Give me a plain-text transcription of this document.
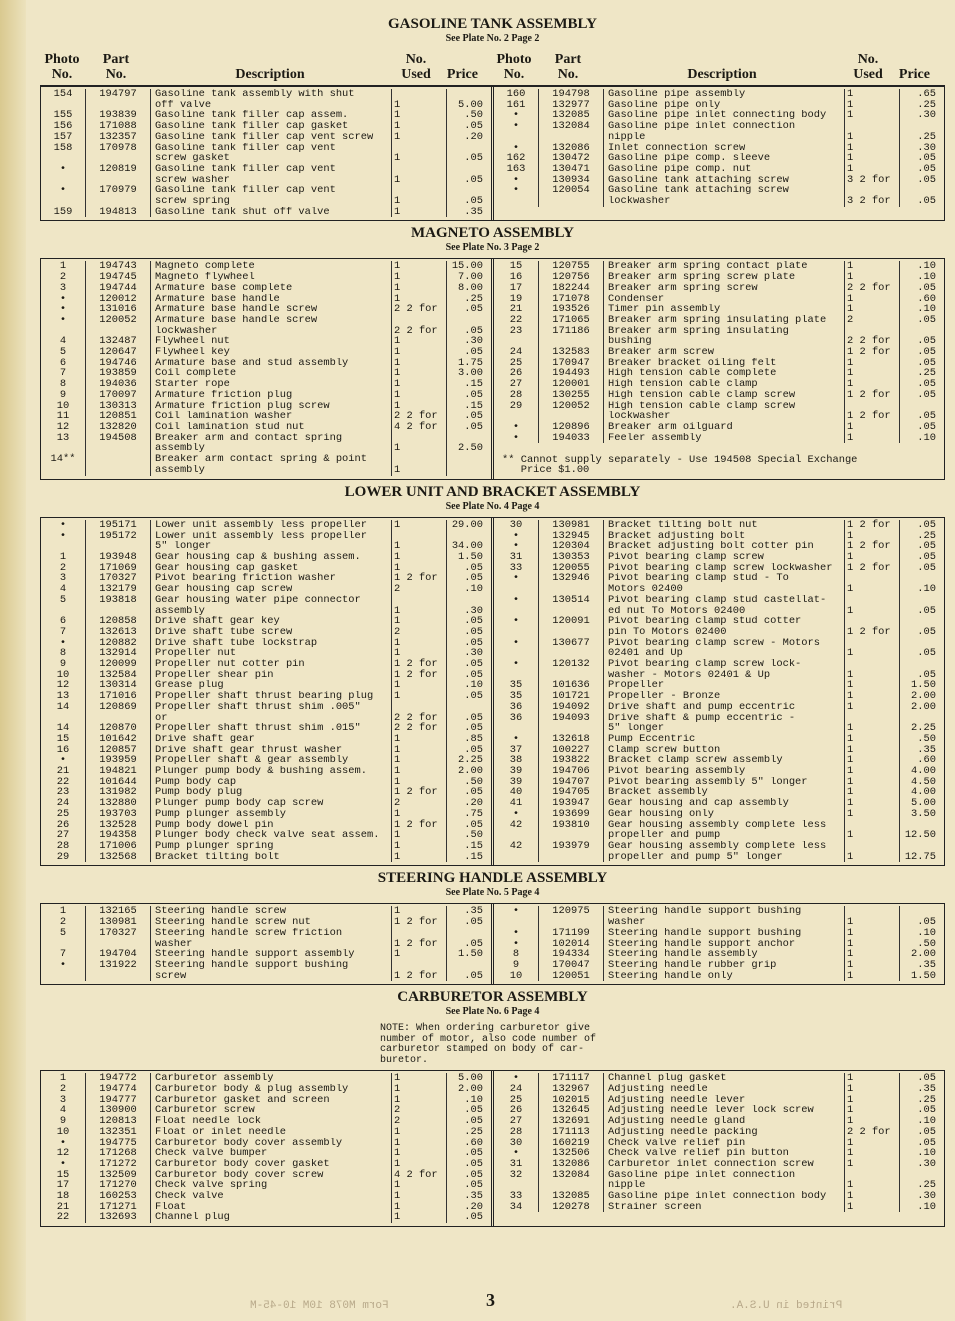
GASOLINE TANK ASSEMBLY
See Plate No. 2 Page 2
Photo
No.
Part
No.	Description
No.
Used	Price
Photo
No.
Part
No.	Description
No.
Used	Price
154	194797	Gasoline tank assembly with shut
off valve	1	5.00
155	193839	Gasoline tank filler cap assem.	1	.50
156	171088	Gasoline tank filler cap gasket	1	.05
157	132357	Gasoline tank filler cap vent screw	1	.20
158	170978	Gasoline tank filler cap vent
screw gasket	1	.05
•	120819	Gasoline tank filler cap vent
screw washer	1	.05
•	170979	Gasoline tank filler cap vent
screw spring	1	.05
159	194813	Gasoline tank shut off valve	1	.35
160	194798	Gasoline pipe assembly	1	.65
161	132977	Gasoline pipe only	1	.25
•	132085	Gasoline pipe inlet connecting body	1	.30
•	132084	Gasoline pipe inlet connection
nipple	1	.25
•	132086	Inlet connection screw	1	.30
162	130472	Gasoline pipe comp. sleeve	1	.05
163	130471	Gasoline pipe comp. nut	1	.05
•	130934	Gasoline tank attaching screw	3 2 for	.05
•	120054	Gasoline tank attaching screw
lockwasher	3 2 for	.05
MAGNETO ASSEMBLY
See Plate No. 3 Page 2
1	194743	Magneto complete	1	15.00
2	194745	Magneto flywheel	1	7.00
3	194744	Armature base complete	1	8.00
•	120012	Armature base handle	1	.25
•	131016	Armature base handle screw	2 2 for	.05
•	120052	Armature base handle screw
lockwasher	2 2 for	.05
4	132487	Flywheel nut	1	.30
5	120647	Flywheel key	1	.05
6	194746	Armature base and stud assembly	1	1.75
7	193859	Coil complete	1	3.00
8	194036	Starter rope	1	.15
9	170097	Armature friction plug	1	.05
10	130313	Armature friction plug screw	1	.15
11	120851	Coil lamination washer	2 2 for	.05
12	132820	Coil lamination stud nut	4 2 for	.05
13	194508	Breaker arm and contact spring
assembly	1	2.50
14**	Breaker arm contact spring & point
assembly	1
15	120755	Breaker arm spring contact plate	1	.10
16	120756	Breaker arm spring screw plate	1	.10
17	182244	Breaker arm spring screw	2 2 for	.05
19	171078	Condenser	1	.60
21	193526	Timer pin assembly	1	.10
22	171065	Breaker arm spring insulating plate	2	.05
23	171186	Breaker arm spring insulating
bushing	2 2 for	.05
24	132583	Breaker arm screw	1 2 for	.05
25	170947	Breaker bracket oiling felt	1	.05
26	194493	High tension cable complete	1	.25
27	120001	High tension cable clamp	1	.05
28	130255	High tension cable clamp screw	1 2 for	.05
29	120052	High tension cable clamp screw
lockwasher	1 2 for	.05
•	120896	Breaker arm oilguard	1	.05
•	194033	Feeler assembly	1	.10
** Cannot supply separately - Use 194508 Special Exchange
Price $1.00
LOWER UNIT AND BRACKET ASSEMBLY
See Plate No. 4 Page 4
•	195171	Lower unit assembly less propeller	1	29.00
•	195172	Lower unit assembly less propeller
5" longer	1	34.00
1	193948	Gear housing cap & bushing assem.	1	1.50
2	171069	Gear housing cap gasket	1	.05
3	170327	Pivot bearing friction washer	1 2 for	.05
4	132179	Gear housing cap screw	2	.10
5	193818	Gear housing water pipe connector
assembly	1	.30
6	120858	Drive shaft gear key	1	.05
7	132613	Drive shaft tube screw	2	.05
•	120882	Drive shaft tube lockstrap	1	.05
8	132914	Propeller nut	1	.30
9	120099	Propeller nut cotter pin	1 2 for	.05
10	132584	Propeller shear pin	1 2 for	.05
12	130314	Grease plug	1	.10
13	171016	Propeller shaft thrust bearing plug	1	.05
14	120869	Propeller shaft thrust shim .005"
or	2 2 for	.05
14	120870	Propeller shaft thrust shim .015"	2 2 for	.05
15	101642	Drive shaft gear	1	.85
16	120857	Drive shaft gear thrust washer	1	.05
•	193959	Propeller shaft & gear assembly	1	2.25
21	194821	Plunger pump body & bushing assem.	1	2.00
22	101644	Pump body cap	1	.50
23	131982	Pump body plug	1 2 for	.05
24	132880	Plunger pump body cap screw	2	.20
25	193703	Pump plunger assembly	1	.75
26	132528	Pump body dowel pin	1 2 for	.05
27	194358	Plunger body check valve seat assem.	1	.50
28	171006	Pump plunger spring	1	.15
29	132568	Bracket tilting bolt	1	.15
30	130981	Bracket tilting bolt nut	1 2 for	.05
•	132945	Bracket adjusting bolt	1	.25
•	120304	Bracket adjusting bolt cotter pin	1 2 for	.05
31	130353	Pivot bearing clamp screw	1	.05
33	120055	Pivot bearing clamp screw lockwasher	1 2 for	.05
•	132946	Pivot bearing clamp stud - To
Motors 02400	1	.10
•	130514	Pivot bearing clamp stud castellat-
ed nut To Motors 02400	1	.05
•	120091	Pivot bearing clamp stud cotter
pin To Motors 02400	1 2 for	.05
•	130677	Pivot bearing clamp screw - Motors
02401 and Up	1	.05
•	120132	Pivot bearing clamp screw lock-
washer - Motors 02401 & Up	1	.05
35	101636	Propeller	1	1.50
35	101721	Propeller - Bronze	1	2.00
36	194092	Drive shaft and pump eccentric	1	2.00
36	194093	Drive shaft & pump eccentric -
5" longer	1	2.25
•	132618	Pump Eccentric	1	.50
37	100227	Clamp screw button	1	.35
38	193822	Bracket clamp screw assembly	1	.60
39	194706	Pivot bearing assembly	1	4.00
39	194707	Pivot bearing assembly 5" longer	1	4.50
40	194705	Bracket assembly	1	4.00
41	193947	Gear housing and cap assembly	1	5.00
•	193699	Gear housing only	1	3.50
42	193810	Gear housing assembly complete less
propeller and pump	1	12.50
42	193979	Gear housing assembly complete less
propeller and pump 5" longer	1	12.75
STEERING HANDLE ASSEMBLY
See Plate No. 5 Page 4
1	132165	Steering handle screw	1	.35
2	130981	Steering handle screw nut	1 2 for	.05
5	170327	Steering handle screw friction
washer	1 2 for	.05
7	194704	Steering handle support assembly	1	1.50
•	131922	Steering handle support bushing
screw	1 2 for	.05
•	120975	Steering handle support bushing
washer	1	.05
•	171199	Steering handle support bushing	1	.10
•	102014	Steering handle support anchor	1	.50
8	194334	Steering handle assembly	1	2.00
9	170047	Steering handle rubber grip	1	.35
10	120051	Steering handle only	1	1.50
CARBURETOR ASSEMBLY
See Plate No. 6 Page 4
NOTE: When ordering carburetor give
number of motor, also code number of
carburetor stamped on body of car-
buretor.
1	194772	Carburetor assembly	1	5.00
2	194774	Carburetor body & plug assembly	1	2.00
3	194777	Carburetor gasket and screen	1	.10
4	130900	Carburetor screw	2	.05
9	120813	Float needle lock	2	.05
10	132351	Float or inlet needle	1	.25
•	194775	Carburetor body cover assembly	1	.60
12	171268	Check valve bumper	1	.05
•	171272	Carburetor body cover gasket	1	.05
15	132509	Carburetor body cover screw	4 2 for	.05
17	171270	Check valve spring	1	.05
18	160253	Check valve	1	.35
21	171271	Float	1	.20
22	132693	Channel plug	1	.05
•	171117	Channel plug gasket	1	.05
24	132967	Adjusting needle	1	.35
25	102015	Adjusting needle lever	1	.25
26	132645	Adjusting needle lever lock screw	1	.05
27	132691	Adjusting needle gland	1	.10
28	171113	Adjusting needle packing	2 2 for	.05
30	160219	Check valve relief pin	1	.05
•	132506	Check valve relief pin button	1	.10
31	132086	Carburetor inlet connection screw	1	.30
32	132084	Gasoline pipe inlet connection
nipple	1	.25
33	132085	Gasoline pipe inlet connection body	1	.30
34	120278	Strainer screen	1	.10
3	Printed in U.S.A.
Form M078 10M 10-45-M
